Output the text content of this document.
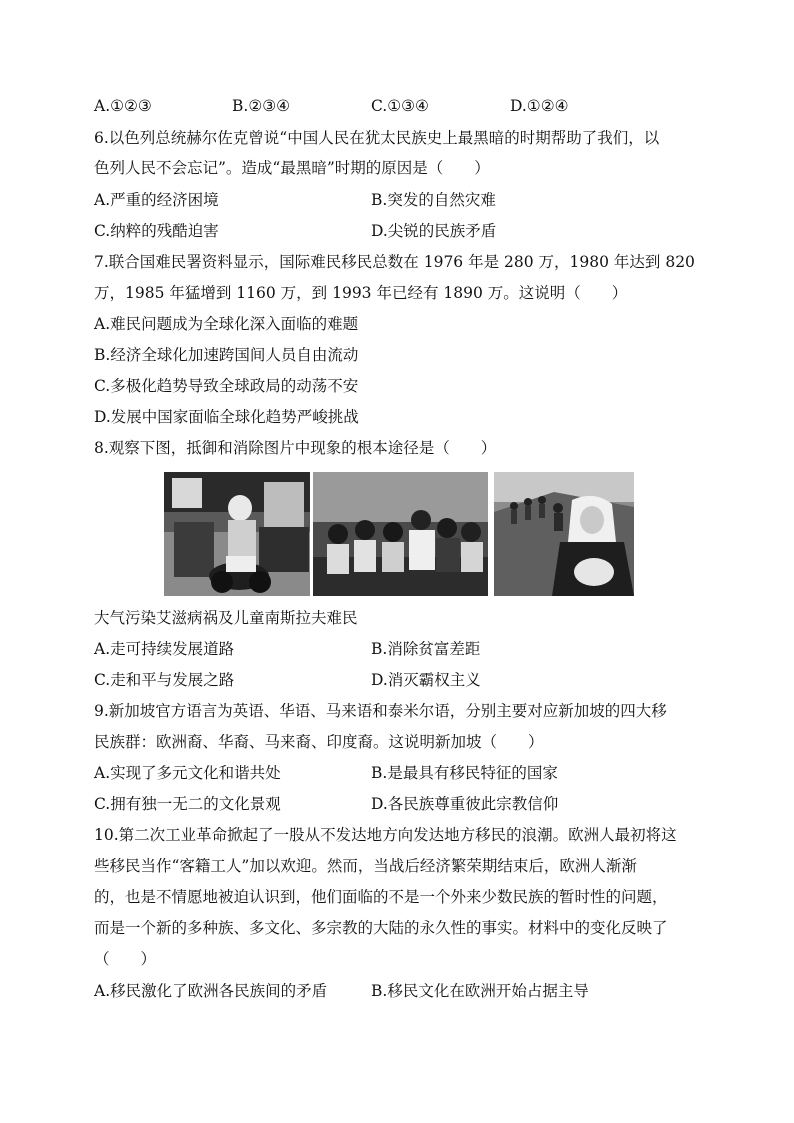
A.①②③	B.②③④	C.①③④	D.①②④
6.以色列总统赫尔佐克曾说“中国人民在犹太民族史上最黑暗的时期帮助了我们，以
色列人民不会忘记”。造成“最黑暗”时期的原因是（　　）
A.严重的经济困境	B.突发的自然灾难
C.纳粹的残酷迫害	D.尖锐的民族矛盾
7.联合国难民署资料显示，国际难民移民总数在 1976 年是 280 万，1980 年达到 820
万，1985 年猛增到 1160 万，到 1993 年已经有 1890 万。这说明（　　）
A.难民问题成为全球化深入面临的难题
B.经济全球化加速跨国间人员自由流动
C.多极化趋势导致全球政局的动荡不安
D.发展中国家面临全球化趋势严峻挑战
8.观察下图，抵御和消除图片中现象的根本途径是（　　）
大气污染艾滋病祸及儿童南斯拉夫难民
A.走可持续发展道路	B.消除贫富差距
C.走和平与发展之路	D.消灭霸权主义
9.新加坡官方语言为英语、华语、马来语和泰米尔语，分别主要对应新加坡的四大移
民族群：欧洲裔、华裔、马来裔、印度裔。这说明新加坡（　　）
A.实现了多元文化和谐共处	B.是最具有移民特征的国家
C.拥有独一无二的文化景观	D.各民族尊重彼此宗教信仰
10.第二次工业革命掀起了一股从不发达地方向发达地方移民的浪潮。欧洲人最初将这
些移民当作“客籍工人”加以欢迎。然而，当战后经济繁荣期结束后，欧洲人渐渐
的，也是不情愿地被迫认识到，他们面临的不是一个外来少数民族的暂时性的问题，
而是一个新的多种族、多文化、多宗教的大陆的永久性的事实。材料中的变化反映了
（　　）
A.移民激化了欧洲各民族间的矛盾	B.移民文化在欧洲开始占据主导
